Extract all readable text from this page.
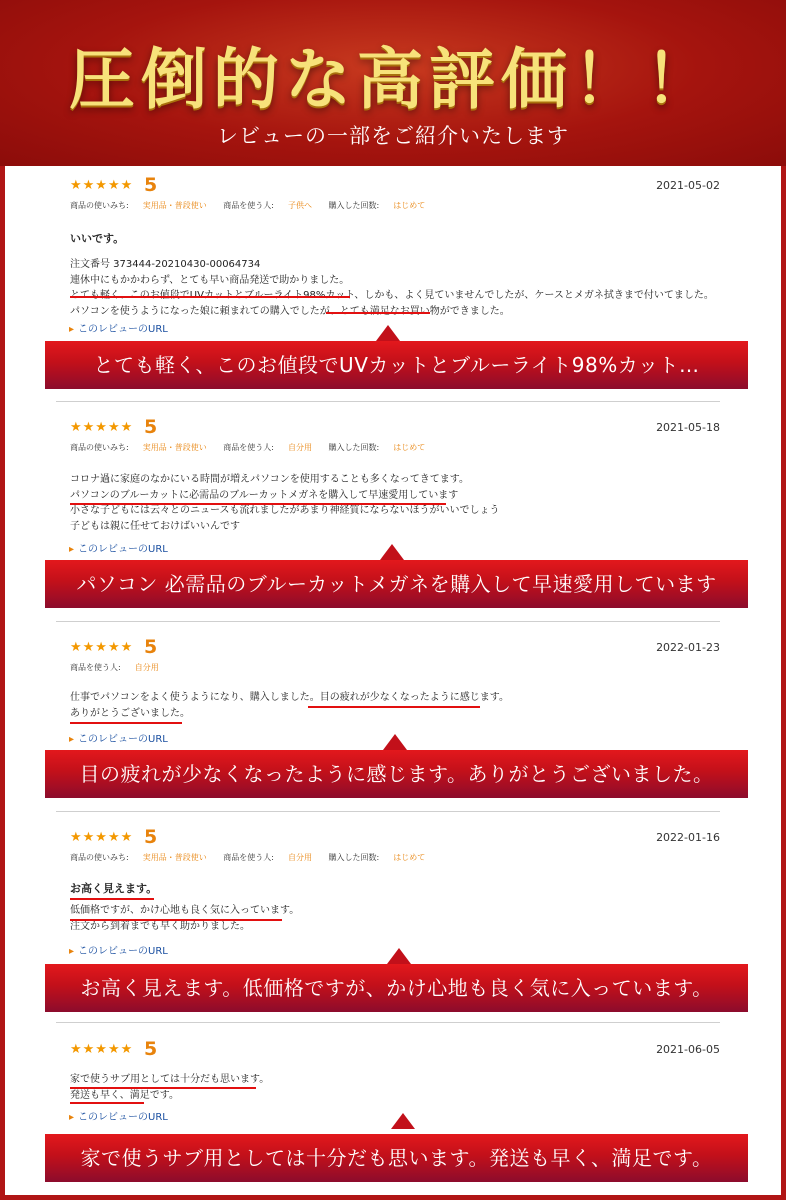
圧倒的な高評価！！
レビューの一部をご紹介いたします
★★★★★ 5	2021-05-02
商品の使いみち: 実用品・普段使い 商品を使う人: 子供へ 購入した回数: はじめて

いいです。

注文番号 373444-20210430-00064734

連休中にもかかわらず、とても早い商品発送で助かりました。

とても軽く、このお値段でUVカットとブルーライト98%カット、しかも、よく見ていませんでしたが、ケースとメガネ拭きまで付いてました。

パソコンを使うようになった娘に頼まれての購入でしたが、とても満足なお買い物ができました。

▸ このレビューのURL
とても軽く、このお値段でUVカットとブルーライト98%カット…
★★★★★ 5	2021-05-18
商品の使いみち: 実用品・普段使い 商品を使う人: 自分用 購入した回数: はじめて

コロナ過に家庭のなかにいる時間が増えパソコンを使用することも多くなってきてます。

パソコンのブルーカットに必需品のブルーカットメガネを購入して早速愛用しています

小さな子どもには云々とのニュースも流れましたがあまり神経質にならないほうがいいでしょう

子どもは親に任せておけばいいんです

▸ このレビューのURL
パソコン 必需品のブルーカットメガネを購入して早速愛用しています
★★★★★ 5	2022-01-23
商品を使う人: 自分用

仕事でパソコンをよく使うようになり、購入しました。目の疲れが少なくなったように感じます。

ありがとうございました。

▸ このレビューのURL
目の疲れが少なくなったように感じます。ありがとうございました。
★★★★★ 5	2022-01-16
商品の使いみち: 実用品・普段使い 商品を使う人: 自分用 購入した回数: はじめて

お高く見えます。

低価格ですが、かけ心地も良く気に入っています。

注文から到着までも早く助かりました。

▸ このレビューのURL
お高く見えます。低価格ですが、かけ心地も良く気に入っています。
★★★★★ 5	2021-06-05

家で使うサブ用としては十分だも思います。

発送も早く、満足です。

▸ このレビューのURL
家で使うサブ用としては十分だも思います。発送も早く、満足です。
